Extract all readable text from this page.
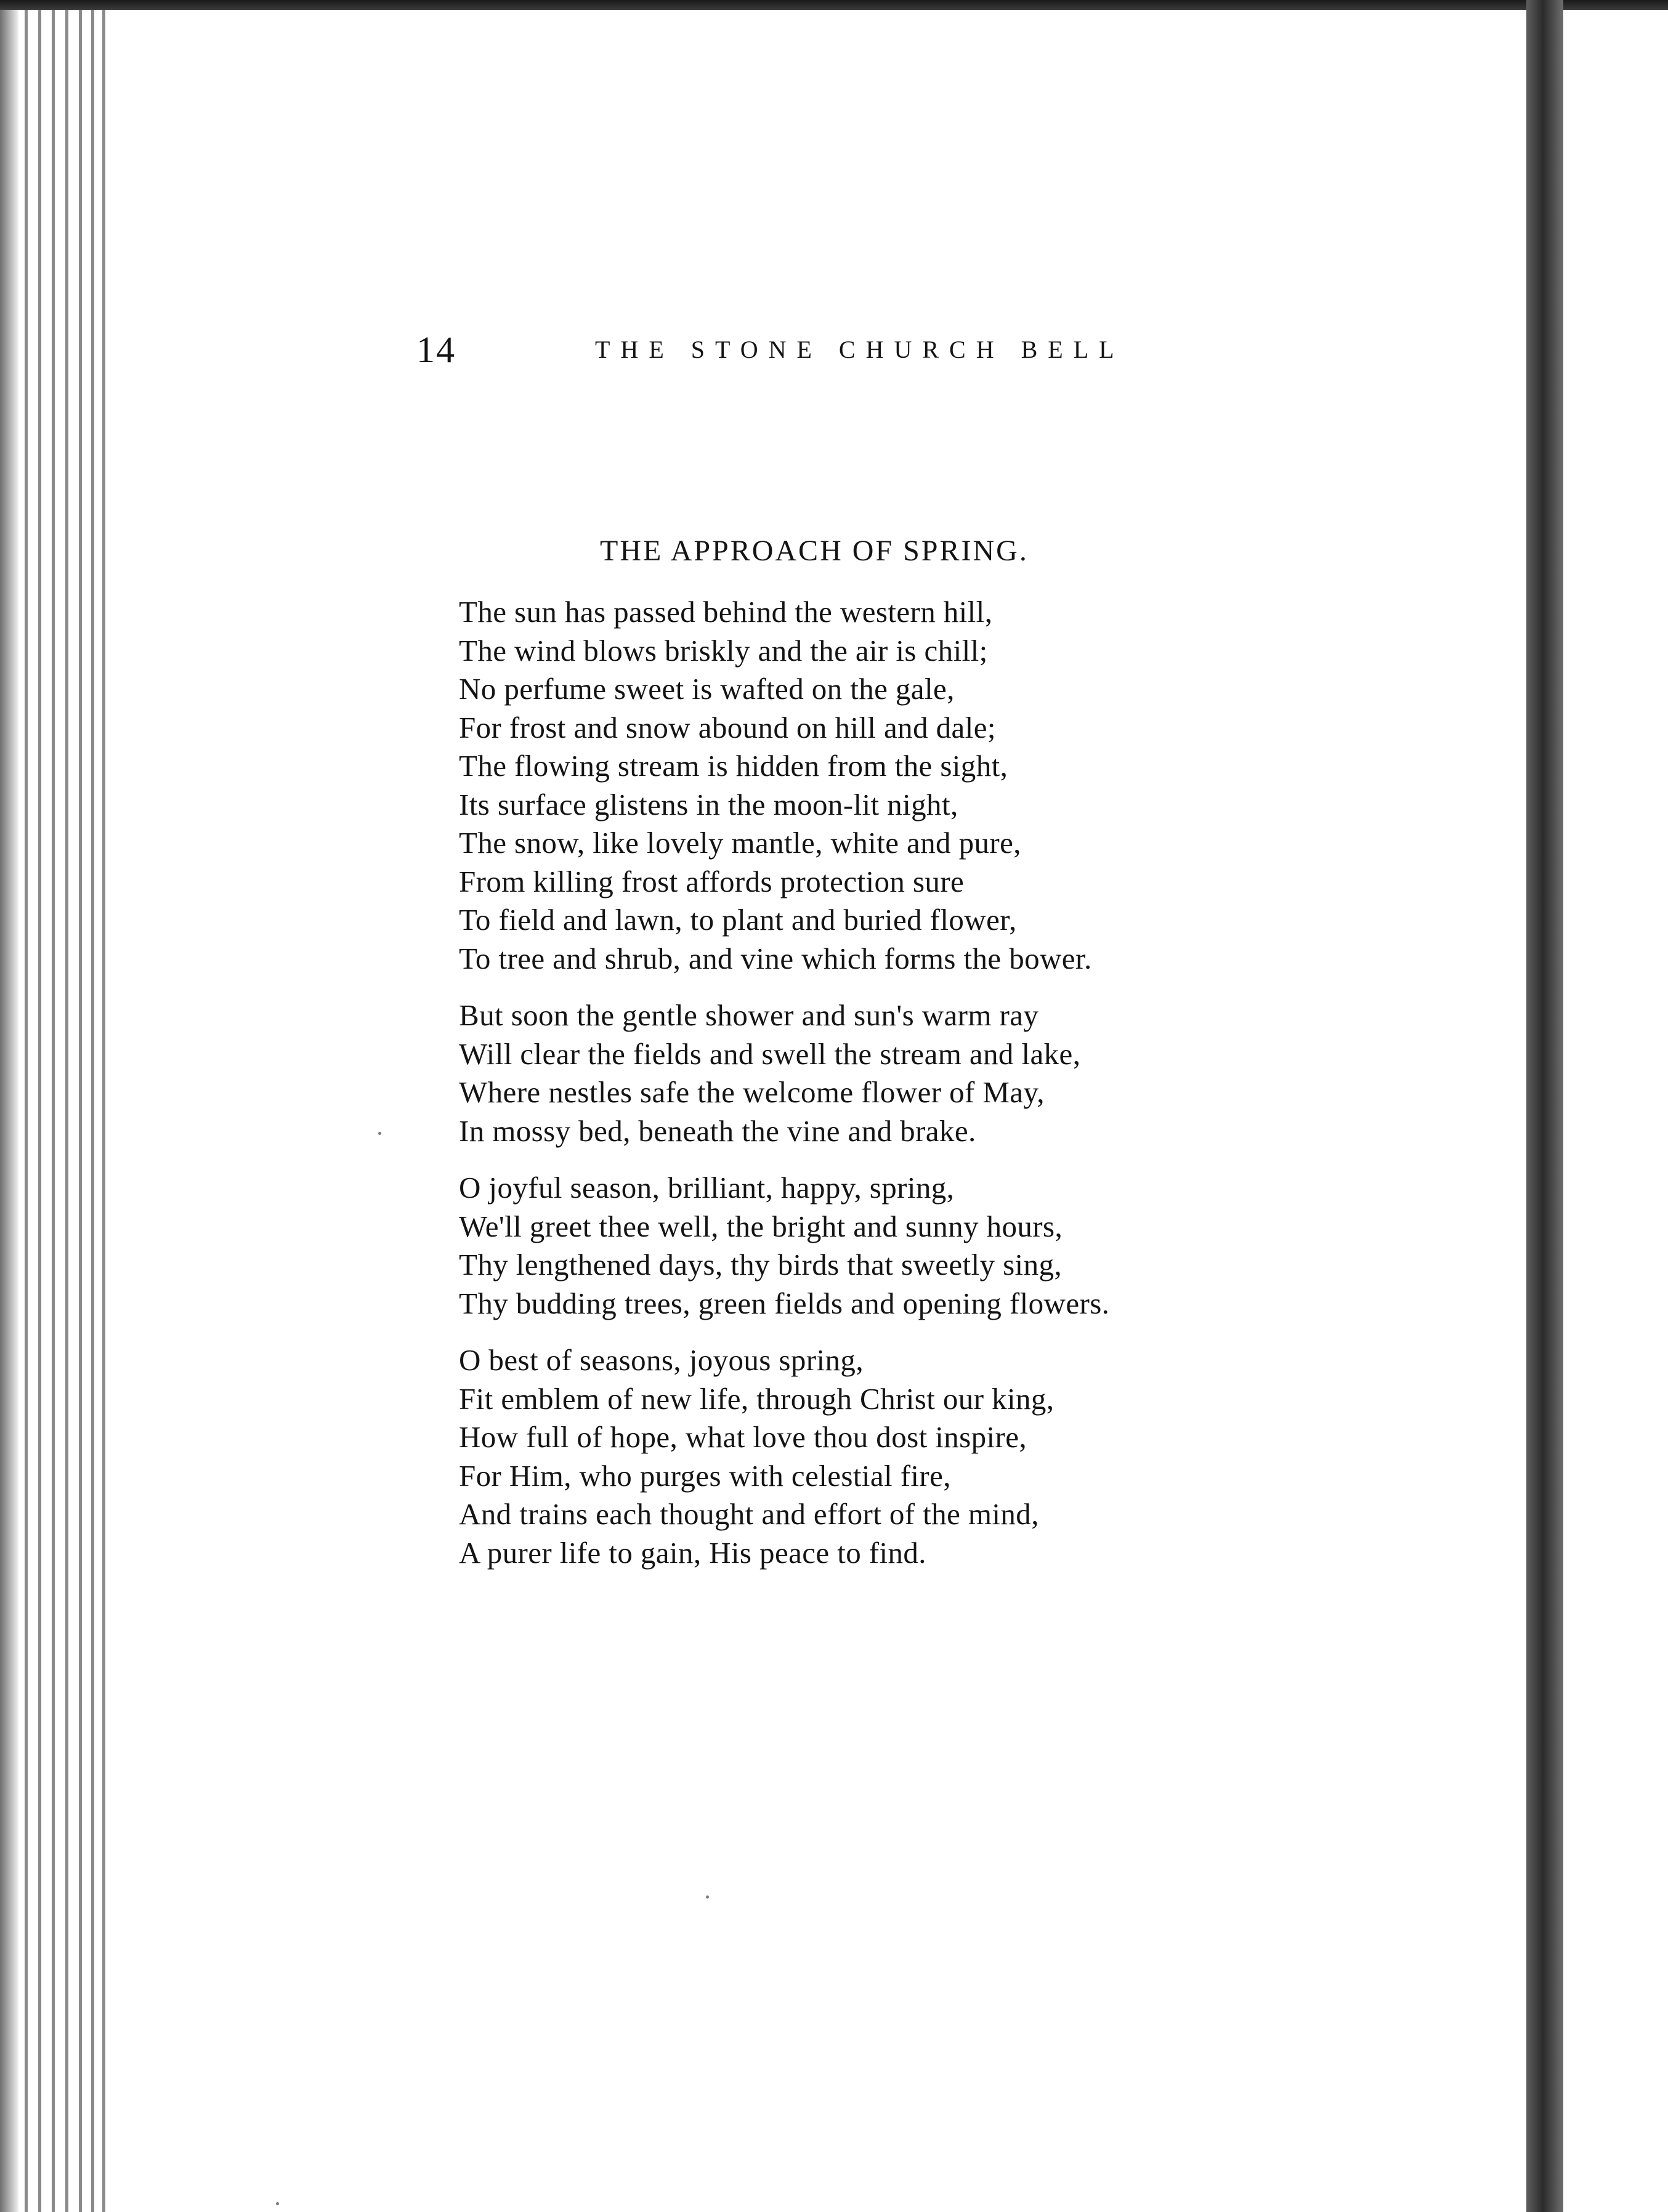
14	THE STONE CHURCH BELL
THE APPROACH OF SPRING.
The sun has passed behind the western hill,
The wind blows briskly and the air is chill;
No perfume sweet is wafted on the gale,
For frost and snow abound on hill and dale;
The flowing stream is hidden from the sight,
Its surface glistens in the moon-lit night,
The snow, like lovely mantle, white and pure,
From killing frost affords protection sure
To field and lawn, to plant and buried flower,
To tree and shrub, and vine which forms the bower.
But soon the gentle shower and sun's warm ray
Will clear the fields and swell the stream and lake,
Where nestles safe the welcome flower of May,
In mossy bed, beneath the vine and brake.
O joyful season, brilliant, happy, spring,
We'll greet thee well, the bright and sunny hours,
Thy lengthened days, thy birds that sweetly sing,
Thy budding trees, green fields and opening flowers.
O best of seasons, joyous spring,
Fit emblem of new life, through Christ our king,
How full of hope, what love thou dost inspire,
For Him, who purges with celestial fire,
And trains each thought and effort of the mind,
A purer life to gain, His peace to find.
